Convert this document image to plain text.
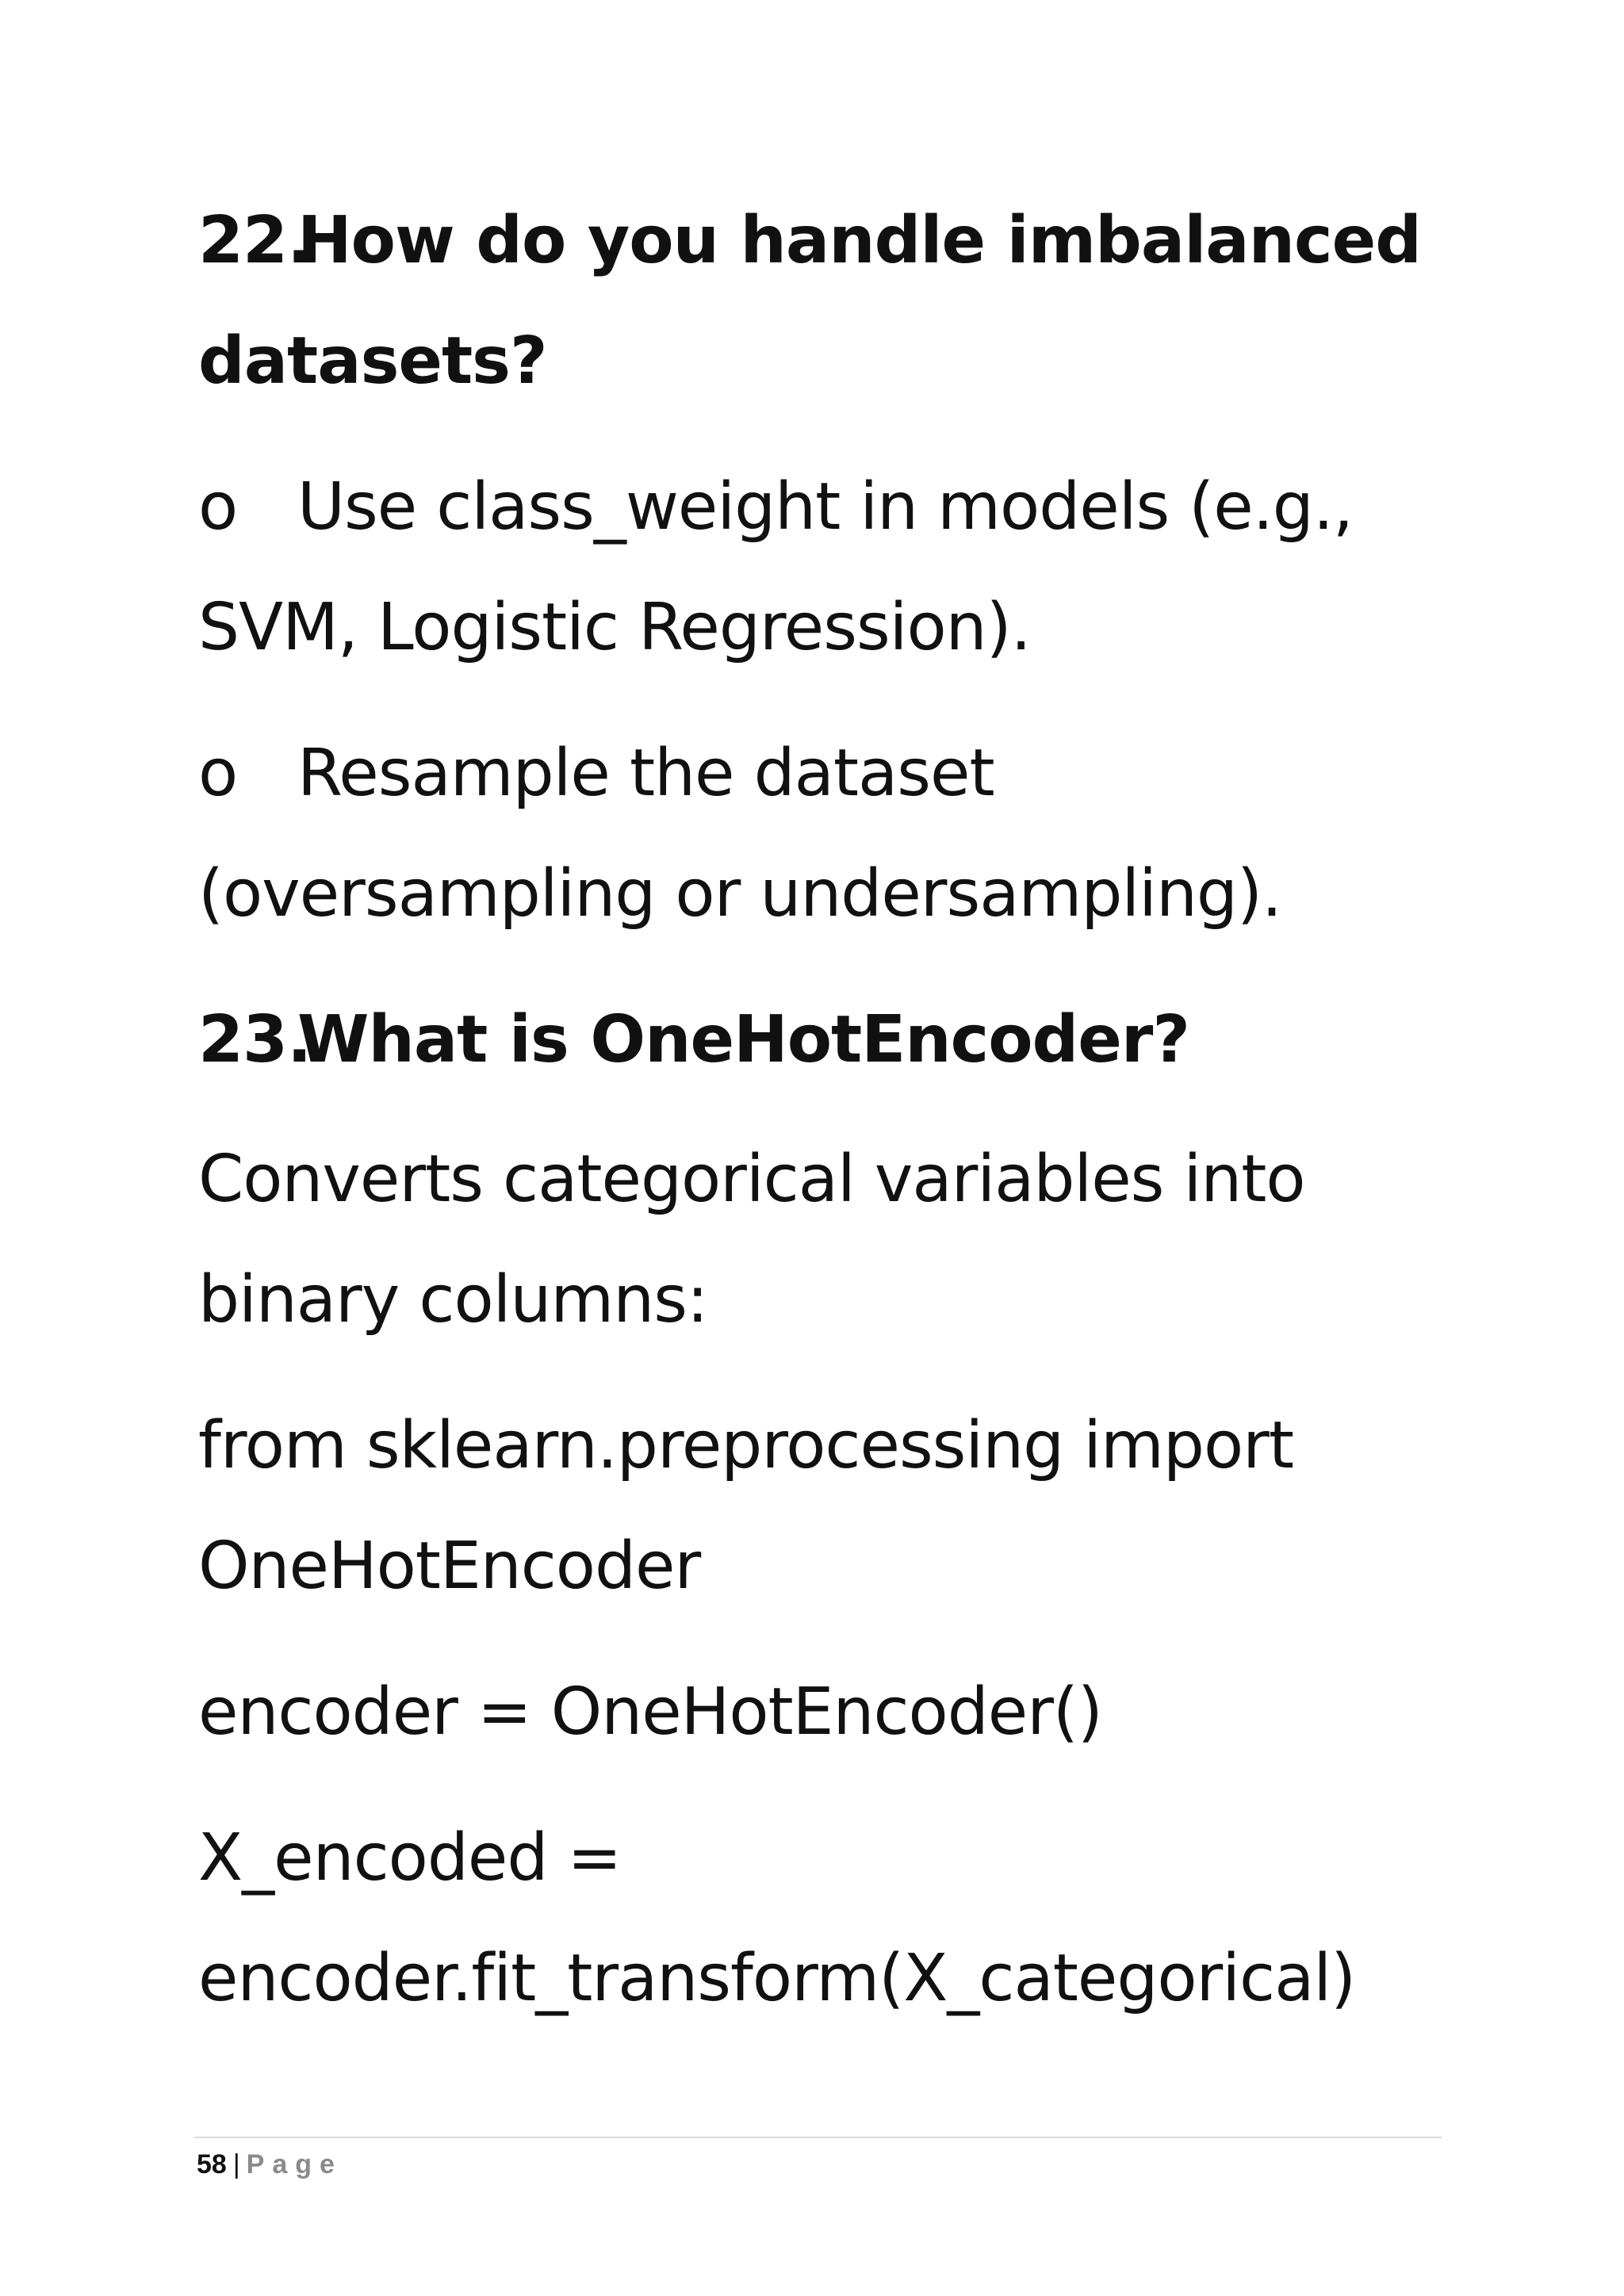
22.How do you handle imbalanced
datasets?
o Use class_weight in models (e.g.,
SVM, Logistic Regression).
o Resample the dataset
(oversampling or undersampling).
23.What is OneHotEncoder?
Converts categorical variables into
binary columns:
from sklearn.preprocessing import
OneHotEncoder
encoder = OneHotEncoder()
X_encoded =
encoder.fit_transform(X_categorical)
58 | Page
